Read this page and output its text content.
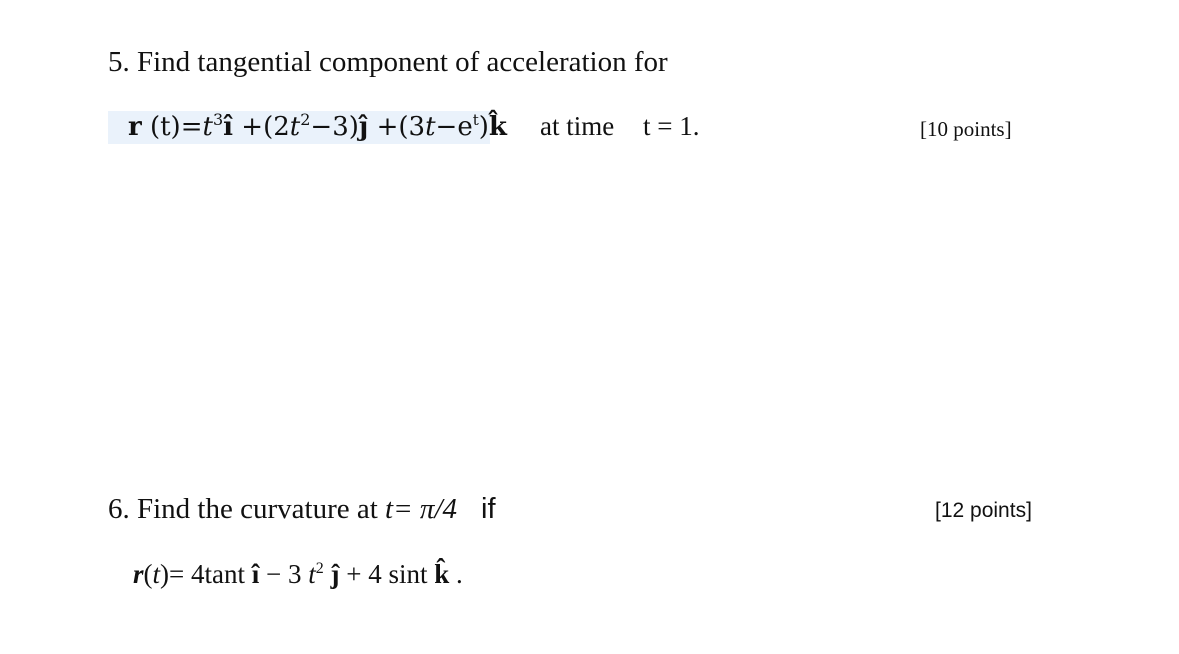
5. Find tangential component of acceleration for
r $(t)=t^3î$ $+(2t^2-3)ĵ$ $+(3t-e^t)k̂$ at time t = 1.	[10 points]
6. Find the curvature at t= π/4 if	[12 points]
r(t)= 4tant î − 3 $t^2$ ĵ + 4 sint k̂ .
